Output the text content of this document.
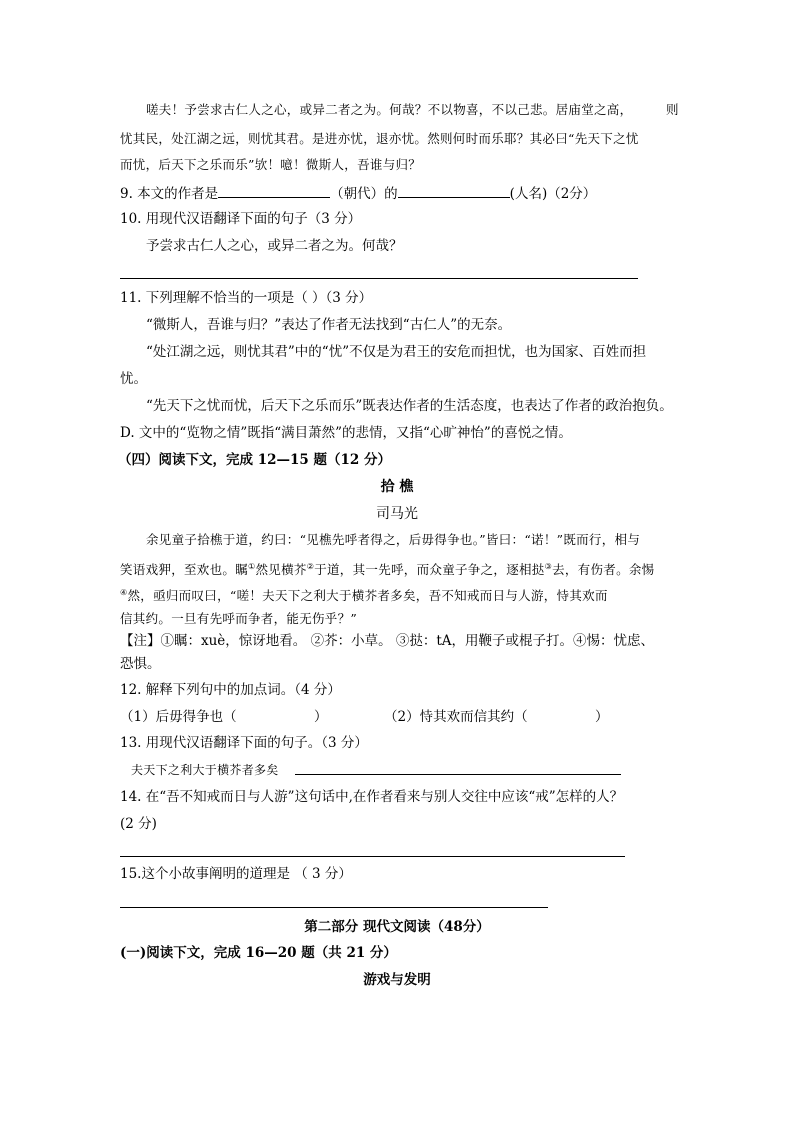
嗟夫！予尝求古仁人之心，或异二者之为。何哉？不以物喜，不以己悲。居庙堂之高，	则
忧其民，处江湖之远，则忧其君。是进亦忧，退亦忧。然则何时而乐耶？其必曰“先天下之忧
而忧，后天下之乐而乐”欤！噫！微斯人，吾谁与归？
9. 本文的作者是	（朝代）的	(人名)（2分）
10. 用现代汉语翻译下面的句子（3 分）
予尝求古仁人之心，或异二者之为。何哉？
11. 下列理解不恰当的一项是（ ）（3 分）
“微斯人，吾谁与归？”表达了作者无法找到“古仁人”的无奈。
“处江湖之远，则忧其君”中的“忧”不仅是为君王的安危而担忧，也为国家、百姓而担
忧。
“先天下之忧而忧，后天下之乐而乐”既表达作者的生活态度，也表达了作者的政治抱负。
D. 文中的“览物之情”既指“满目萧然”的悲情，又指“心旷神怡”的喜悦之情。
（四）阅读下文，完成 12—15 题（12 分）
拾 樵
司马光
余见童子拾樵于道，约曰：“见樵先呼者得之，后毋得争也。”皆曰：“诺！”既而行，相与
笑语戏狎，至欢也。瞩①然见横芥②于道，其一先呼，而众童子争之，逐相挞③去，有伤者。余惕
④然，亟归而叹曰，“嗟！夫天下之利大于横芥者多矣，吾不知戒而日与人游，恃其欢而
信其约。一旦有先呼而争者，能无伤乎？”
【注】①瞩：xuè，惊讶地看。 ②芥：小草。 ③挞：tA，用鞭子或棍子打。④惕：忧虑、
恐惧。
12. 解释下列句中的加点词。（4 分）
（1）后毋得争也（	）	（2）恃其欢而信其约（	）
13. 用现代汉语翻译下面的句子。（3 分）
夫天下之利大于横芥者多矣
14. 在“吾不知戒而日与人游”这句话中,在作者看来与别人交往中应该“戒”怎样的人？
(2 分)
15.这个小故事阐明的道理是 （ 3 分）
第二部分 现代文阅读（48分）
(一)阅读下文，完成 16—20 题（共 21 分）
游戏与发明
